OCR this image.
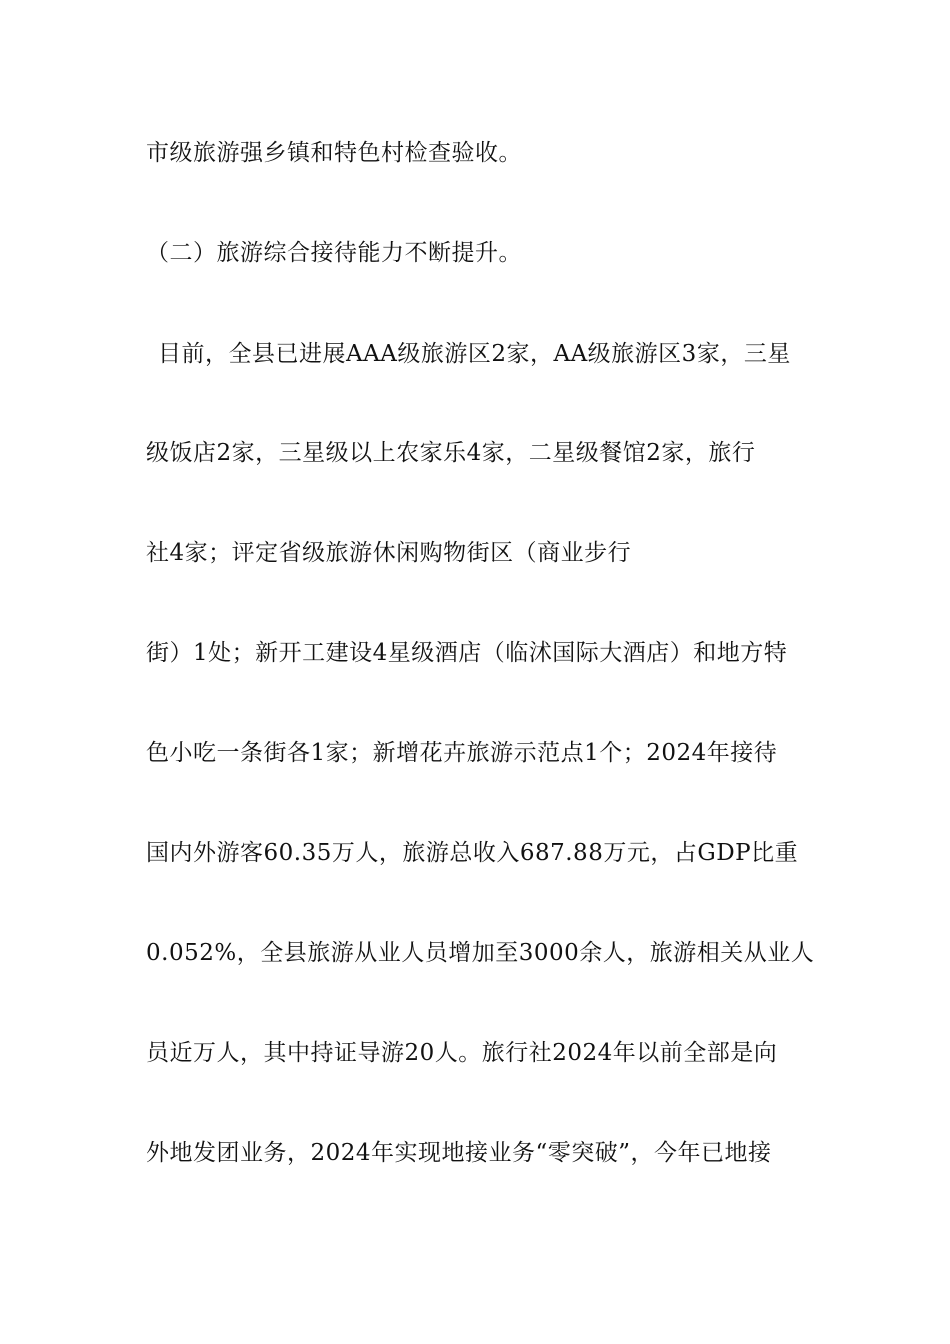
市级旅游强乡镇和特色村检查验收。
（二）旅游综合接待能力不断提升。
目前，全县已进展AAA级旅游区2家，AA级旅游区3家，三星
级饭店2家，三星级以上农家乐4家，二星级餐馆2家，旅行
社4家；评定省级旅游休闲购物街区（商业步行
街）1处；新开工建设4星级酒店（临沭国际大酒店）和地方特
色小吃一条街各1家；新增花卉旅游示范点1个；2024年接待
国内外游客60.35万人，旅游总收入687.88万元，占GDP比重
0.052%，全县旅游从业人员增加至3000余人，旅游相关从业人
员近万人，其中持证导游20人。旅行社2024年以前全部是向
外地发团业务，2024年实现地接业务“零突破”，今年已地接
